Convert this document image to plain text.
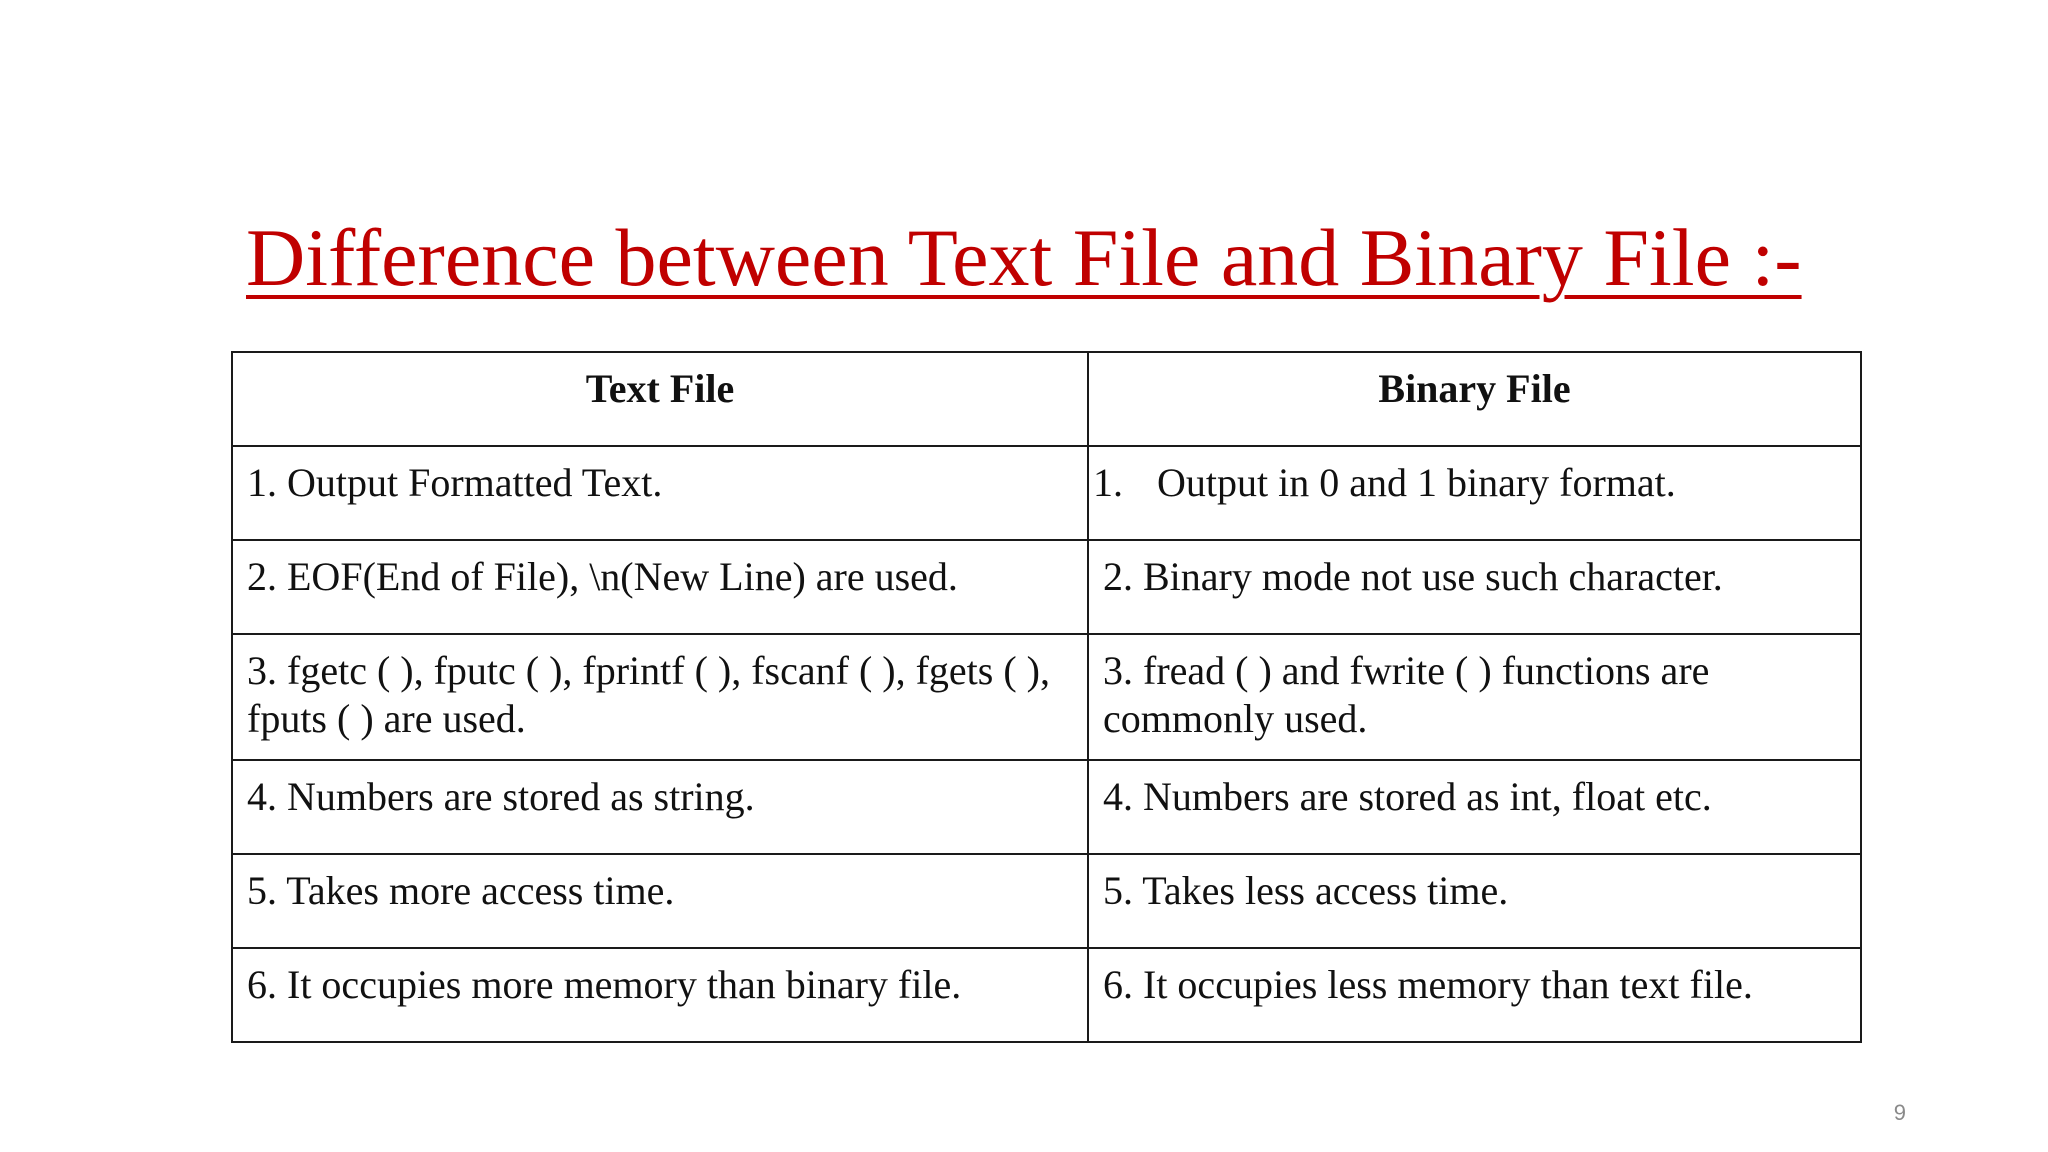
Difference between Text File and Binary File :-
Text File	Binary File
1. Output Formatted Text.	1. Output in 0 and 1 binary format.
2. EOF(End of File), \n(New Line) are used.	2. Binary mode not use such character.
3. fgetc ( ), fputc ( ), fprintf ( ), fscanf ( ), fgets ( ), fputs ( ) are used.	3. fread ( ) and fwrite ( ) functions are commonly used.
4. Numbers are stored as string.	4. Numbers are stored as int, float etc.
5. Takes more access time.	5. Takes less access time.
6. It occupies more memory than binary file.	6. It occupies less memory than text file.
9
